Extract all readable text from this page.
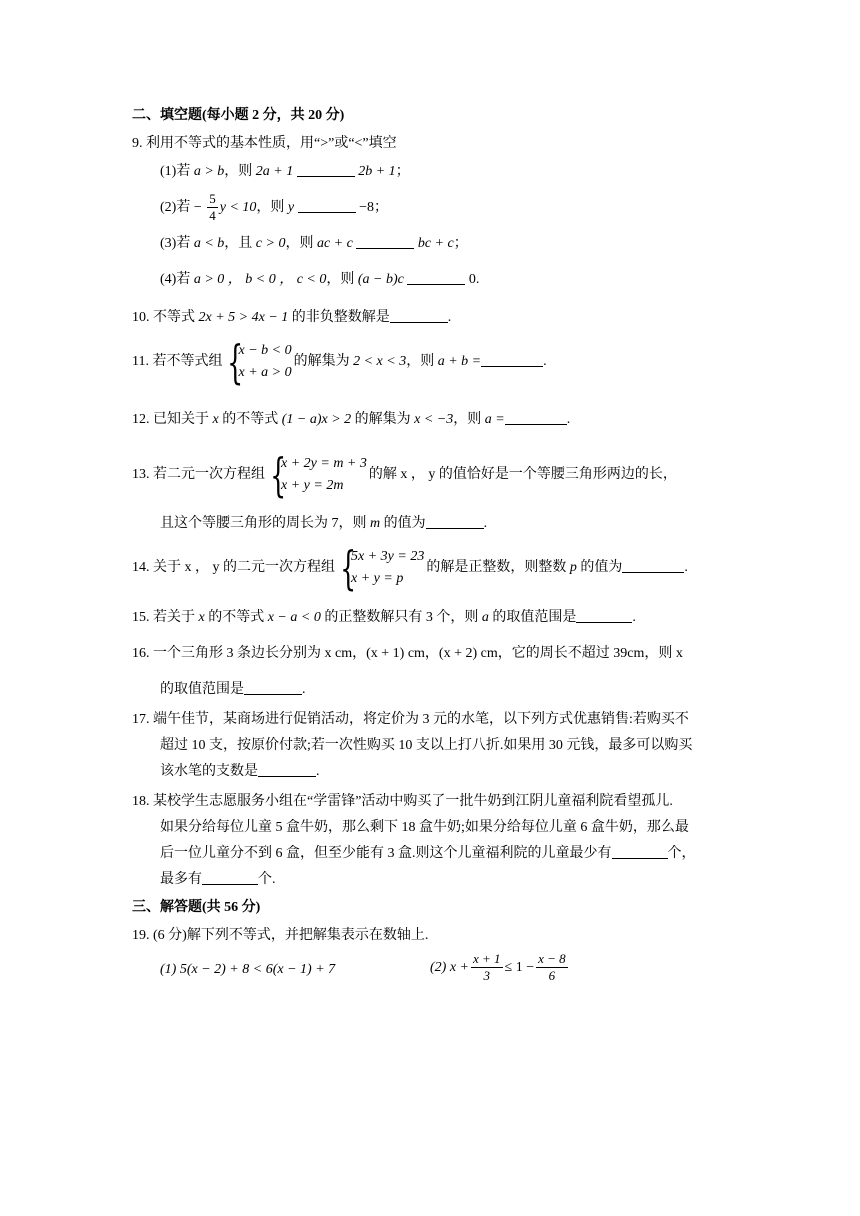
二、填空题(每小题 2 分，共 20 分)
9. 利用不等式的基本性质，用“>”或“<”填空
(1)若 a > b，则 2a + 1	2b + 1；
(2)若 − $\frac{5}{4}$ y < 10，则 y	−8；
(3)若 a < b，且 c > 0，则 ac + c	bc + c；
(4)若 a > 0 ， b < 0 ， c < 0，则 (a − b)c	0.
10. 不等式 2x + 5 > 4x − 1 的非负整数解是	.
11. 若不等式组 {
x − b < 0
x + a > 0
的解集为 2 < x < 3，则 a + b =	.
12. 已知关于 x 的不等式 (1 − a)x > 2 的解集为 x < −3，则 a =	.
13. 若二元一次方程组 {
x + 2y = m + 3
x + y = 2m
的解 x ， y 的值恰好是一个等腰三角形两边的长，
且这个等腰三角形的周长为 7，则 m 的值为	.
14. 关于 x ， y 的二元一次方程组 {
5x + 3y = 23
x + y = p
的解是正整数，则整数 p 的值为	.
15. 若关于 x 的不等式 x − a < 0 的正整数解只有 3 个，则 a 的取值范围是	.
16. 一个三角形 3 条边长分别为 x cm，(x + 1) cm，(x + 2) cm，它的周长不超过 39cm，则 x
的取值范围是	.
17. 端午佳节，某商场进行促销活动，将定价为 3 元的水笔，以下列方式优惠销售:若购买不
超过 10 支，按原价付款;若一次性购买 10 支以上打八折.如果用 30 元钱，最多可以购买
该水笔的支数是	.
18. 某校学生志愿服务小组在“学雷锋”活动中购买了一批牛奶到江阴儿童福利院看望孤儿.
如果分给每位儿童 5 盒牛奶，那么剩下 18 盒牛奶;如果分给每位儿童 6 盒牛奶，那么最
后一位儿童分不到 6 盒，但至少能有 3 盒.则这个儿童福利院的儿童最少有	个，
最多有	个.
三、解答题(共 56 分)
19. (6 分)解下列不等式，并把解集表示在数轴上.
(1) 5(x − 2) + 8 < 6(x − 1) + 7	(2) $x + \frac{x + 1}{3} \le 1 - \frac{x - 8}{6}$
